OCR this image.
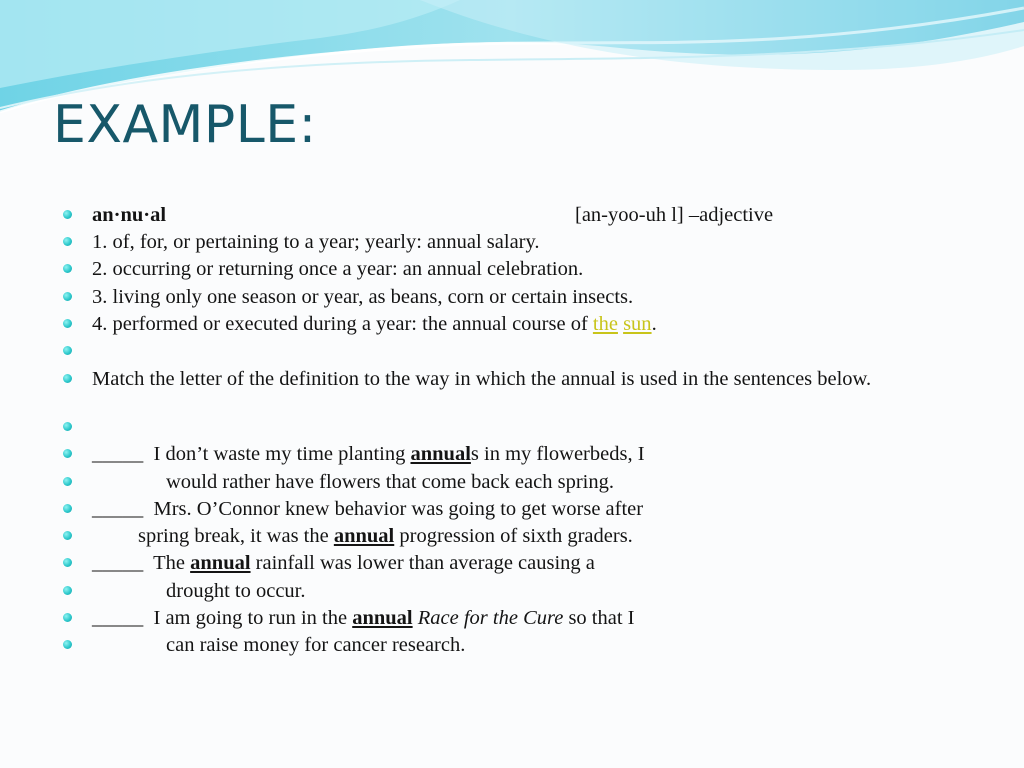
EXAMPLE:
an·nu·al	[an-yoo-uh l] –adjective
1. of, for, or pertaining to a year; yearly: annual salary.
2. occurring or returning once a year: an annual celebration.
3. living only one season or year, as beans, corn or certain insects.
4. performed or executed during a year: the annual course of the sun.
Match the letter of the definition to the way in which the annual is used in the sentences below.
_____  I don’t waste my time planting annuals in my flowerbeds, I
would rather have flowers that come back each spring.
_____  Mrs. O’Connor knew behavior was going to get worse after
spring break, it was the annual progression of sixth graders.
_____  The annual rainfall was lower than average causing a
drought to occur.
_____  I am going to run in the annual Race for the Cure so that I
can raise money for cancer research.
